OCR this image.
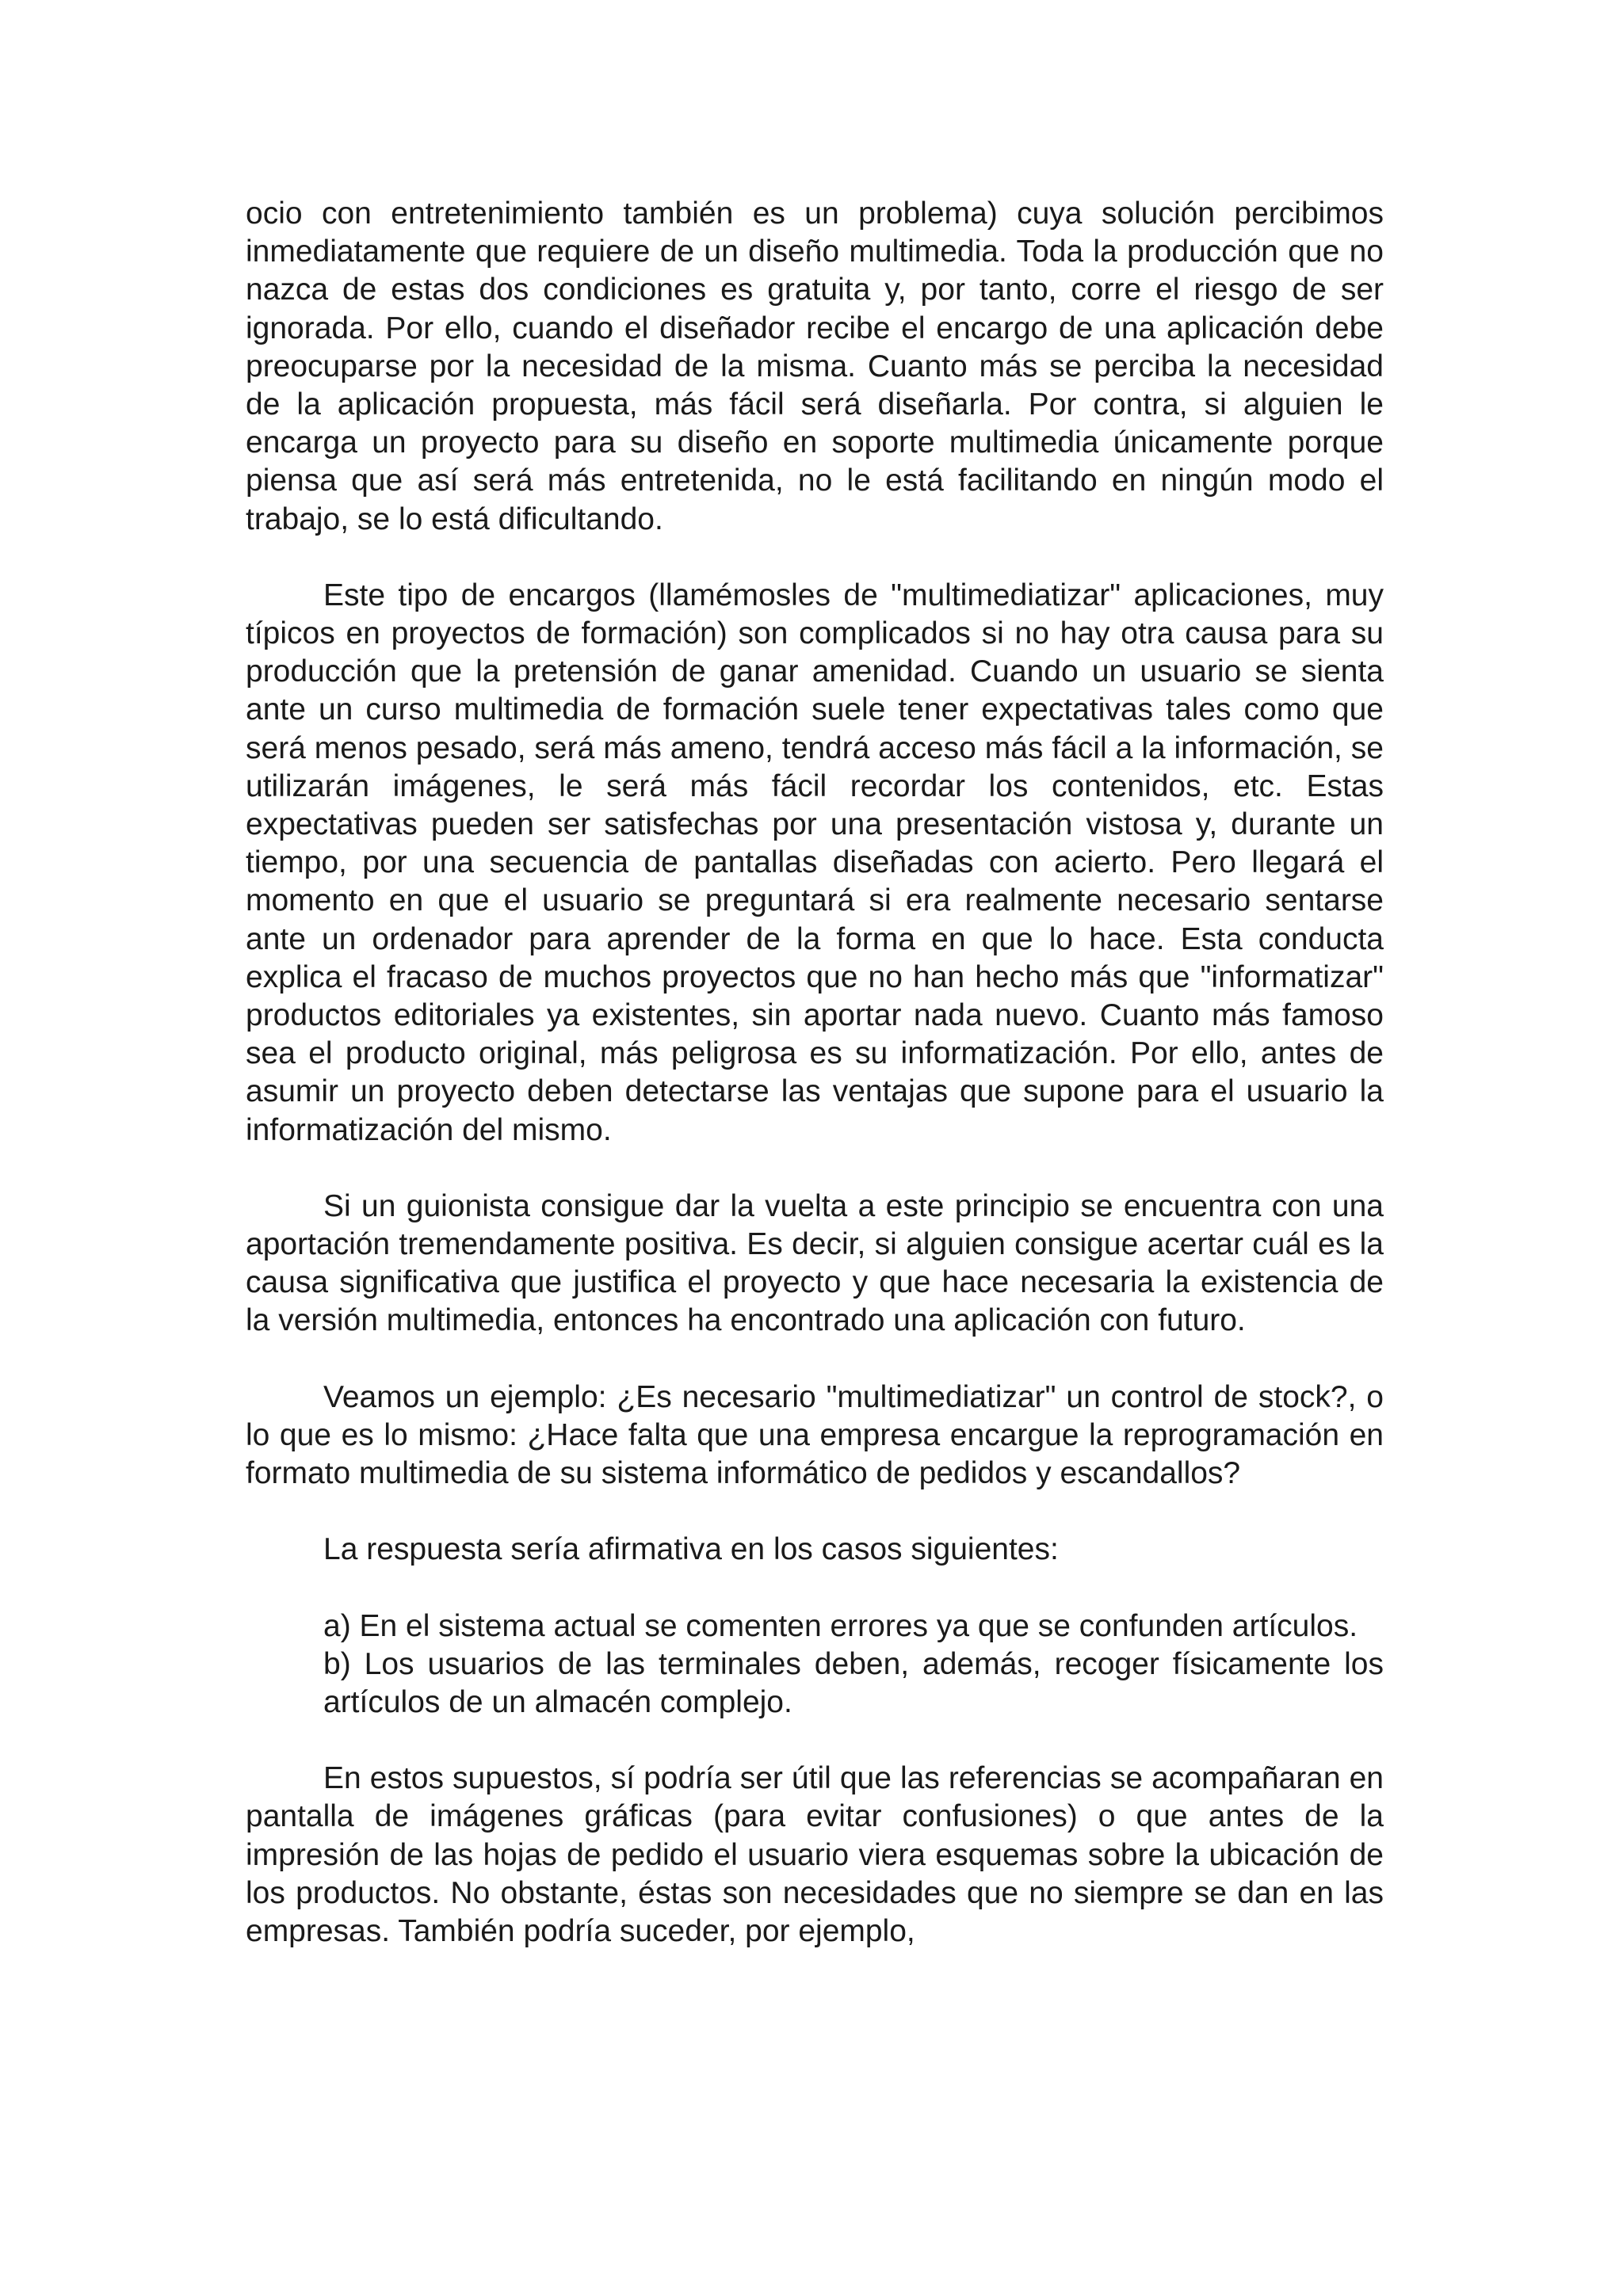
ocio con entretenimiento también es un problema) cuya solución percibimos inmediatamente que requiere de un diseño multimedia. Toda la producción que no nazca de estas dos condiciones es gratuita y, por tanto, corre el riesgo de ser ignorada. Por ello, cuando el diseñador recibe el encargo de una aplicación debe preocuparse por la necesidad de la misma. Cuanto más se perciba la necesidad de la aplicación propuesta, más fácil será diseñarla. Por contra, si alguien le encarga un proyecto para su diseño en soporte multimedia únicamente porque piensa que así será más entretenida, no le está facilitando en ningún modo el trabajo, se lo está dificultando.

Este tipo de encargos (llamémosles de "multimediatizar" aplicaciones, muy típicos en proyectos de formación) son complicados si no hay otra causa para su producción que la pretensión de ganar amenidad. Cuando un usuario se sienta ante un curso multimedia de formación suele tener expectativas tales como que será menos pesado, será más ameno, tendrá acceso más fácil a la información, se utilizarán imágenes, le será más fácil recordar los contenidos, etc. Estas expectativas pueden ser satisfechas por una presentación vistosa y, durante un tiempo, por una secuencia de pantallas diseñadas con acierto. Pero llegará el momento en que el usuario se preguntará si era realmente necesario sentarse ante un ordenador para aprender de la forma en que lo hace. Esta conducta explica el fracaso de muchos proyectos que no han hecho más que "informatizar" productos editoriales ya existentes, sin aportar nada nuevo. Cuanto más famoso sea el producto original, más peligrosa es su informatización. Por ello, antes de asumir un proyecto deben detectarse las ventajas que supone para el usuario la informatización del mismo.

Si un guionista consigue dar la vuelta a este principio se encuentra con una aportación tremendamente positiva. Es decir, si alguien consigue acertar cuál es la causa significativa que justifica el proyecto y que hace necesaria la existencia de la versión multimedia, entonces ha encontrado una aplicación con futuro.

Veamos un ejemplo: ¿Es necesario "multimediatizar" un control de stock?, o lo que es lo mismo: ¿Hace falta que una empresa encargue la reprogramación en formato multimedia de su sistema informático de pedidos y escandallos?

La respuesta sería afirmativa en los casos siguientes:

a) En el sistema actual se comenten errores ya que se confunden artículos.

b) Los usuarios de las terminales deben, además, recoger físicamente los artículos de un almacén complejo.

En estos supuestos, sí podría ser útil que las referencias se acompañaran en pantalla de imágenes gráficas (para evitar confusiones) o que antes de la impresión de las hojas de pedido el usuario viera esquemas sobre la ubicación de los productos. No obstante, éstas son necesidades que no siempre se dan en las empresas. También podría suceder, por ejemplo,
